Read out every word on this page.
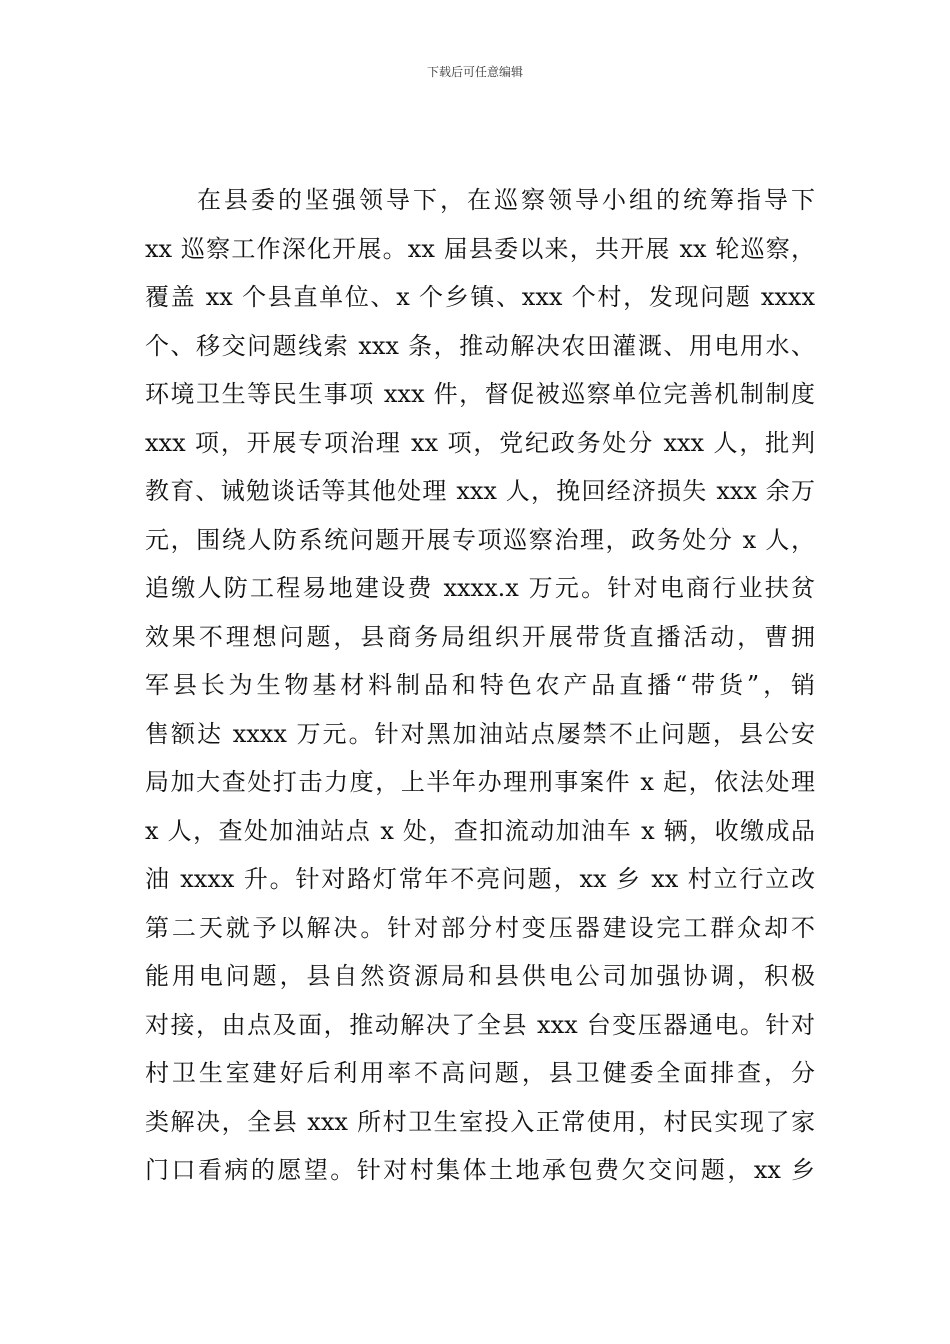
下载后可任意编辑
在县委的坚强领导下，在巡察领导小组的统筹指导下
xx 巡察工作深化开展。xx 届县委以来，共开展 xx 轮巡察，
覆盖 xx 个县直单位、x 个乡镇、xxx 个村，发现问题 xxxx
个、移交问题线索 xxx 条，推动解决农田灌溉、用电用水、
环境卫生等民生事项 xxx 件，督促被巡察单位完善机制制度
xxx 项，开展专项治理 xx 项，党纪政务处分 xxx 人，批判
教育、诫勉谈话等其他处理 xxx 人，挽回经济损失 xxx 余万
元，围绕人防系统问题开展专项巡察治理，政务处分 x 人，
追缴人防工程易地建设费 xxxx.x 万元。针对电商行业扶贫
效果不理想问题，县商务局组织开展带货直播活动，曹拥
军县长为生物基材料制品和特色农产品直播“带货”，销
售额达 xxxx 万元。针对黑加油站点屡禁不止问题，县公安
局加大查处打击力度，上半年办理刑事案件 x 起，依法处理
x 人，查处加油站点 x 处，查扣流动加油车 x 辆，收缴成品
油 xxxx 升。针对路灯常年不亮问题，xx 乡 xx 村立行立改
第二天就予以解决。针对部分村变压器建设完工群众却不
能用电问题，县自然资源局和县供电公司加强协调，积极
对接，由点及面，推动解决了全县 xxx 台变压器通电。针对
村卫生室建好后利用率不高问题，县卫健委全面排查，分
类解决，全县 xxx 所村卫生室投入正常使用，村民实现了家
门口看病的愿望。针对村集体土地承包费欠交问题，xx 乡
